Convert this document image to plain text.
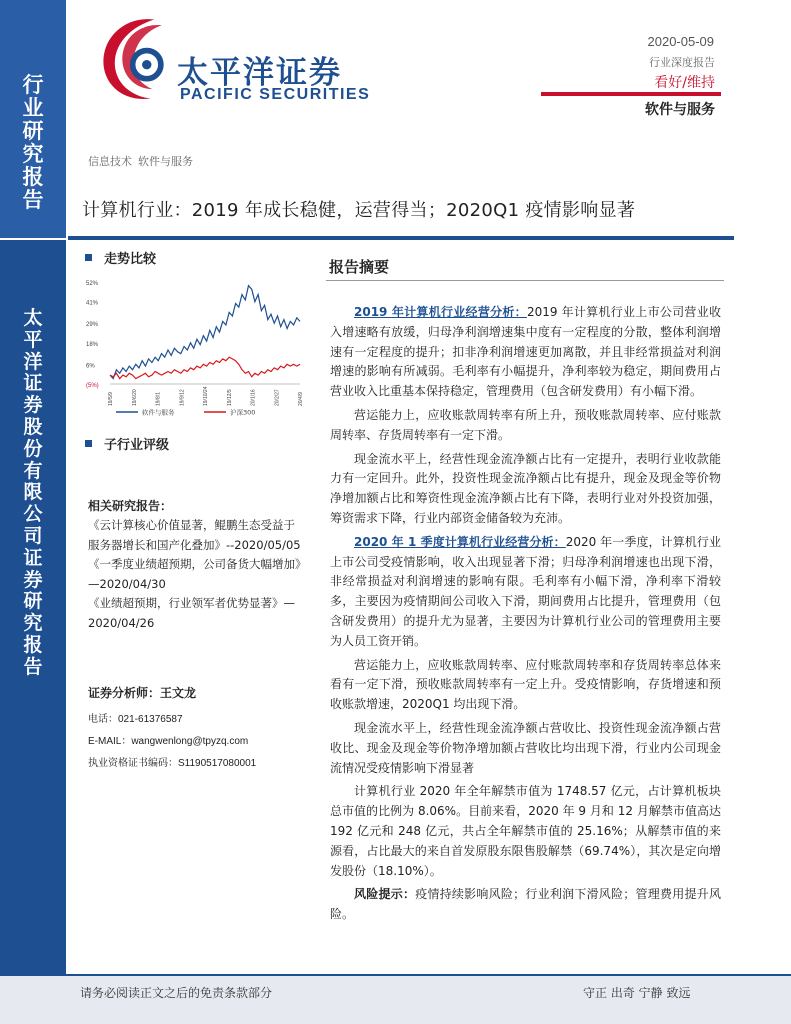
行
业
研
究
报
告
太
平
洋
证
券
股
份
有
限
公
司
证
券
研
究
报
告
太平洋证券
PACIFIC SECURITIES
2020-05-09
行业深度报告
看好/维持
软件与服务
信息技术 软件与服务
计算机行业：2019 年成长稳健，运营得当；2020Q1 疫情影响显著
走势比较
52%
41%
29%
18%
6%
(5%)
19/5/9	19/6/20	19/8/1	19/9/12	19/10/24	19/12/5	20/1/16	20/2/27	20/4/9
软件与服务	沪深300
子行业评级
相关研究报告：
《云计算核心价值显著，鲲鹏生态受益于服务器增长和国产化叠加》--2020/05/05
《一季度业绩超预期，公司备货大幅增加》—2020/04/30
《业绩超预期，行业领军者优势显著》—2020/04/26
证券分析师：王文龙
电话：021-61376587
E-MAIL：wangwenlong@tpyzq.com
执业资格证书编码：S1190517080001
报告摘要

2019 年计算机行业经营分析：2019 年计算机行业上市公司营业收入增速略有放缓，归母净利润增速集中度有一定程度的分散，整体利润增速有一定程度的提升；扣非净利润增速更加离散，并且非经常损益对利润增速的影响有所减弱。毛利率有小幅提升，净利率较为稳定，期间费用占营业收入比重基本保持稳定，管理费用（包含研发费用）有小幅下滑。

营运能力上，应收账款周转率有所上升，预收账款周转率、应付账款周转率、存货周转率有一定下滑。

现金流水平上，经营性现金流净额占比有一定提升，表明行业收款能力有一定回升。此外，投资性现金流净额占比有提升，现金及现金等价物净增加额占比和筹资性现金流净额占比有下降，表明行业对外投资加强，筹资需求下降，行业内部资金储备较为充沛。

2020 年 1 季度计算机行业经营分析：2020 年一季度，计算机行业上市公司受疫情影响，收入出现显著下滑；归母净利润增速也出现下滑，非经常损益对利润增速的影响有限。毛利率有小幅下滑，净利率下滑较多，主要因为疫情期间公司收入下滑，期间费用占比提升，管理费用（包含研发费用）的提升尤为显著，主要因为计算机行业公司的管理费用主要为人员工资开销。

营运能力上，应收账款周转率、应付账款周转率和存货周转率总体来看有一定下滑，预收账款周转率有一定上升。受疫情影响，存货增速和预收账款增速，2020Q1 均出现下滑。

现金流水平上，经营性现金流净额占营收比、投资性现金流净额占营收比、现金及现金等价物净增加额占营收比均出现下滑，行业内公司现金流情况受疫情影响下滑显著

计算机行业 2020 年全年解禁市值为 1748.57 亿元，占计算机板块总市值的比例为 8.06%。目前来看，2020 年 9 月和 12 月解禁市值高达 192 亿元和 248 亿元，共占全年解禁市值的 25.16%；从解禁市值的来源看，占比最大的来自首发原股东限售股解禁（69.74%），其次是定向增发股份（18.10%）。

风险提示：疫情持续影响风险；行业利润下滑风险；管理费用提升风险。

请务必阅读正文之后的免责条款部分	守正 出奇 宁静 致远
